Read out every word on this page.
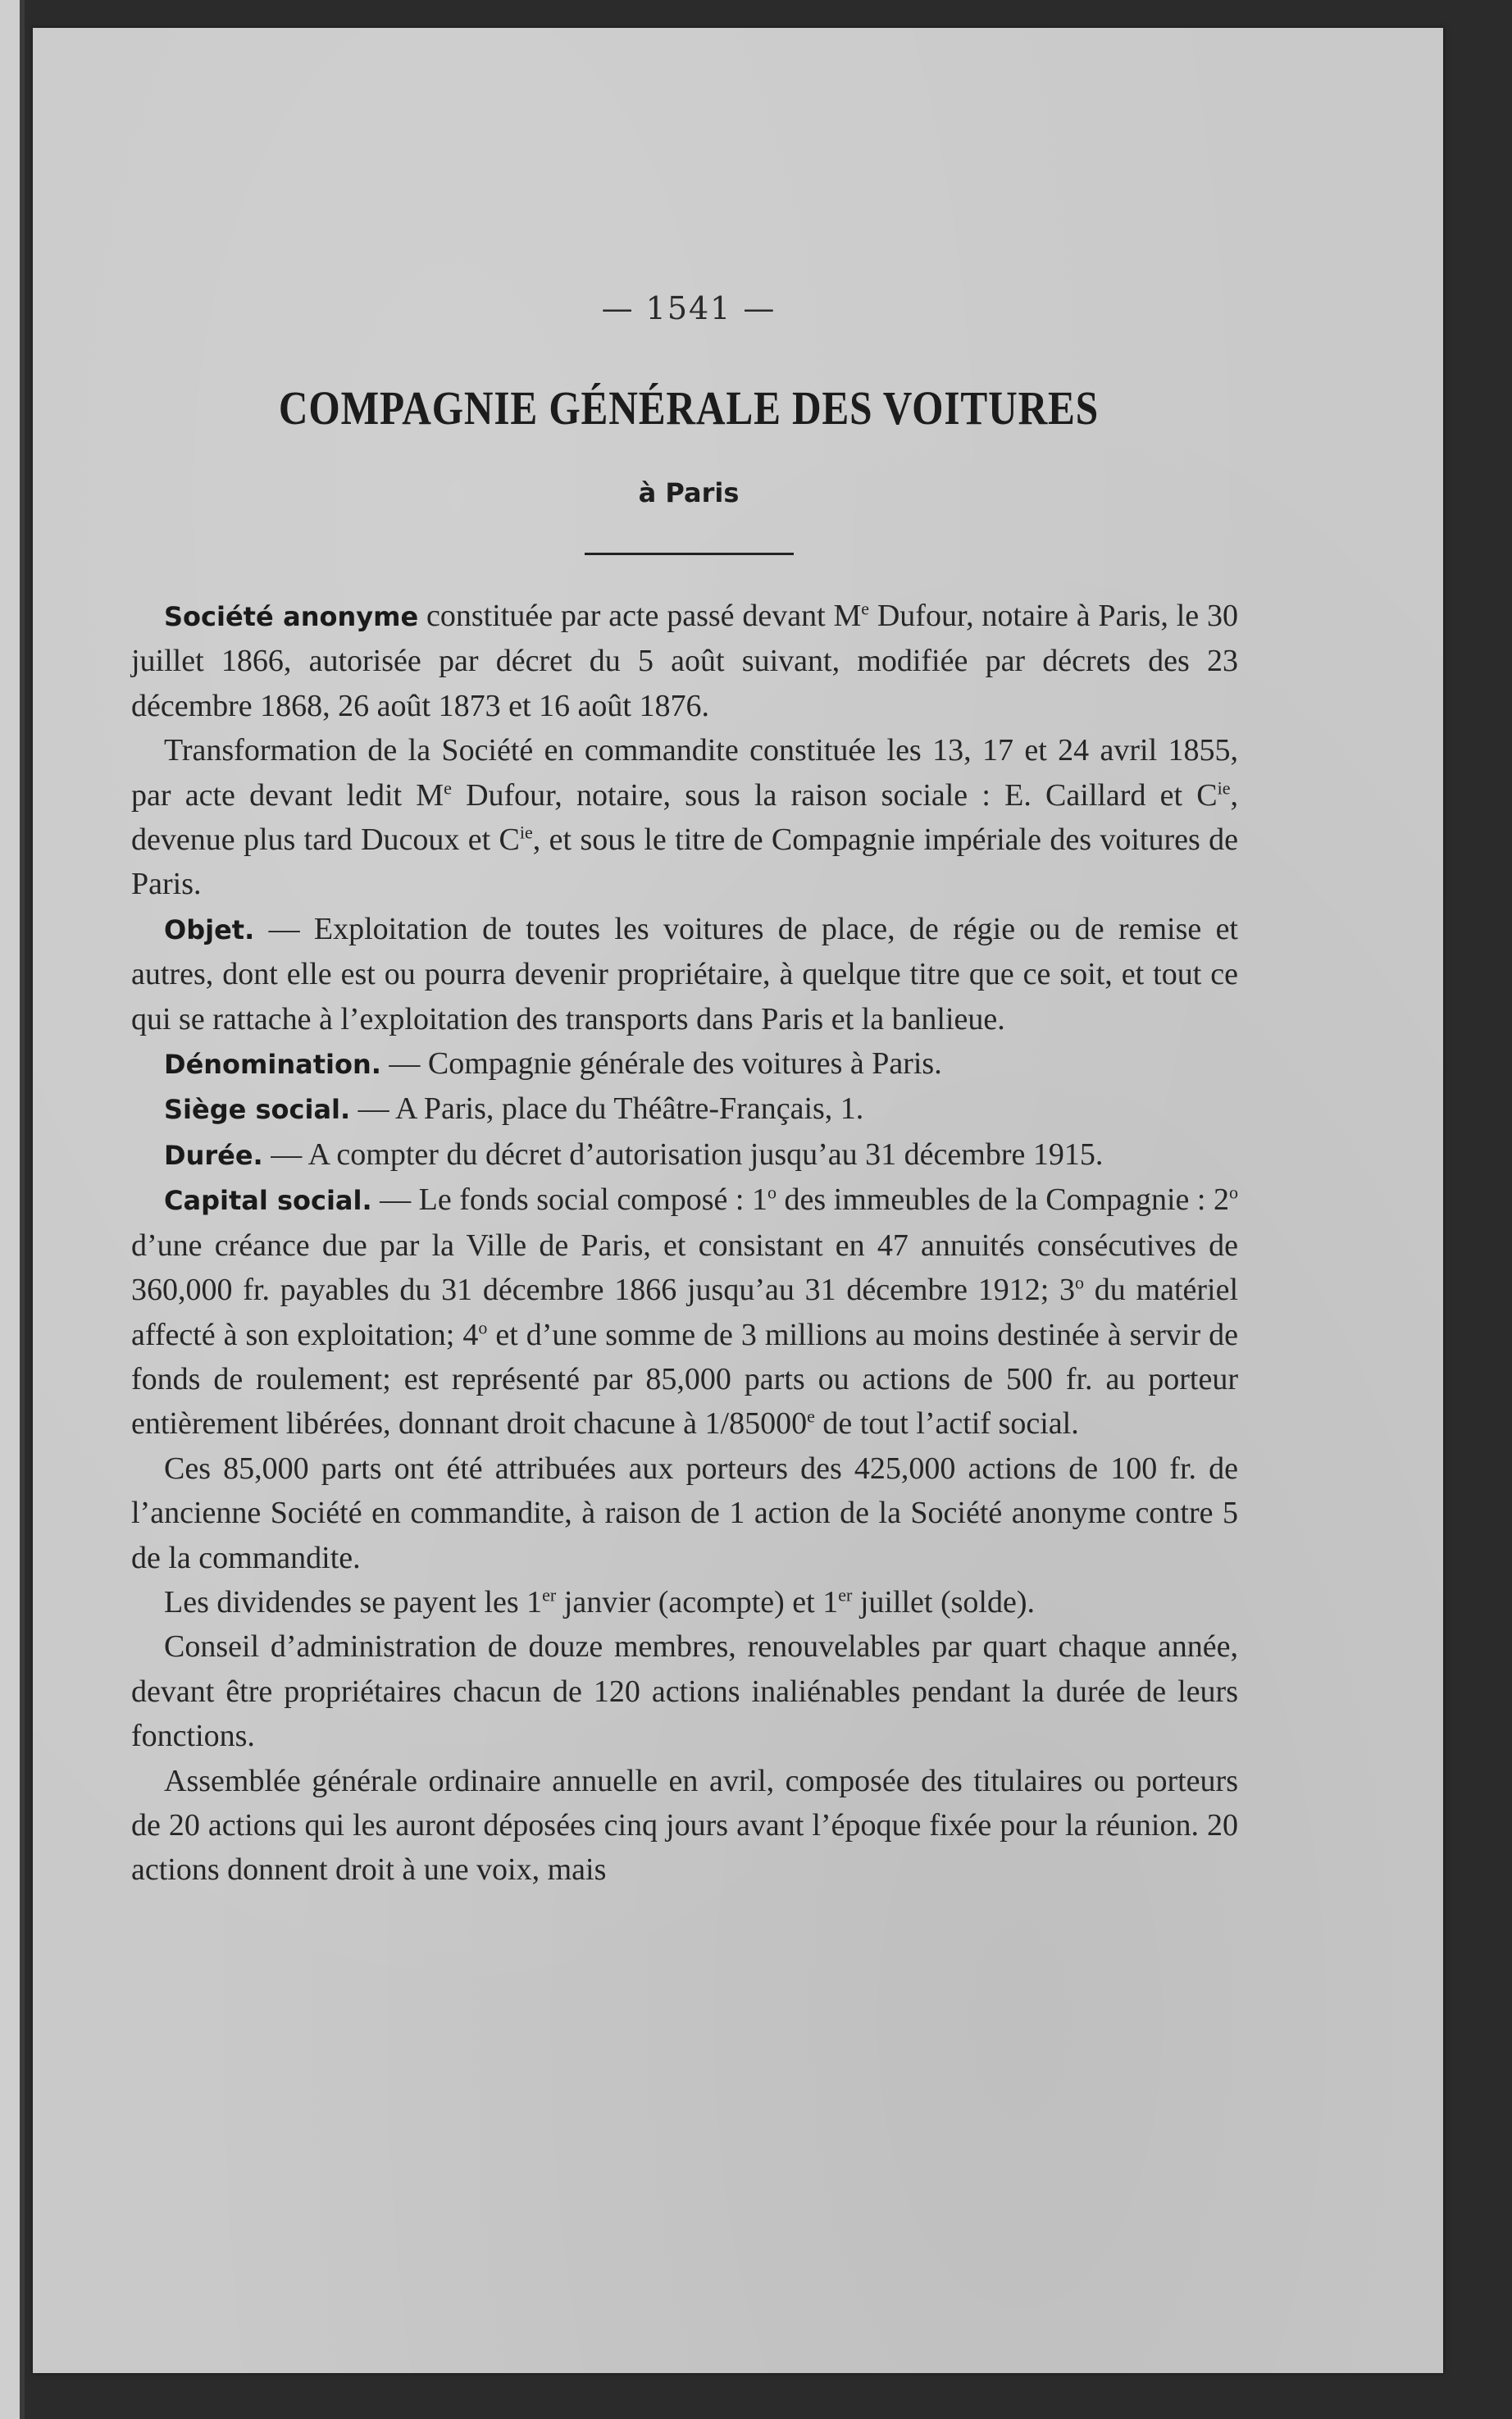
— 1541 —
COMPAGNIE GÉNÉRALE DES VOITURES
à Paris

Société anonyme constituée par acte passé devant Me Dufour, notaire à Paris, le 30 juillet 1866, autorisée par décret du 5 août suivant, modifiée par décrets des 23 décembre 1868, 26 août 1873 et 16 août 1876.

Transformation de la Société en commandite constituée les 13, 17 et 24 avril 1855, par acte devant ledit Me Dufour, notaire, sous la raison sociale : E. Caillard et $C^{ie}$, devenue plus tard Ducoux et $C^{ie}$, et sous le titre de Compagnie impériale des voitures de Paris.

Objet. — Exploitation de toutes les voitures de place, de régie ou de remise et autres, dont elle est ou pourra devenir propriétaire, à quelque titre que ce soit, et tout ce qui se rattache à l’exploitation des transports dans Paris et la banlieue.

Dénomination. — Compagnie générale des voitures à Paris.

Siège social. — A Paris, place du Théâtre-Français, 1.

Durée. — A compter du décret d’autorisation jusqu’au 31 décembre 1915.

Capital social. — Le fonds social composé : 1$^o$ des immeubles de la Compagnie : 2$^o$ d’une créance due par la Ville de Paris, et consistant en 47 annuités consécutives de 360,000 fr. payables du 31 décembre 1866 jusqu’au 31 décembre 1912; 3$^o$ du matériel affecté à son exploitation; 4$^o$ et d’une somme de 3 millions au moins destinée à servir de fonds de roulement; est représenté par 85,000 parts ou actions de 500 fr. au porteur entièrement libérées, donnant droit chacune à 1/85000e de tout l’actif social.

Ces 85,000 parts ont été attribuées aux porteurs des 425,000 actions de 100 fr. de l’ancienne Société en commandite, à raison de 1 action de la Société anonyme contre 5 de la commandite.

Les dividendes se payent les 1er janvier (acompte) et 1er juillet (solde).

Conseil d’administration de douze membres, renouvelables par quart chaque année, devant être propriétaires chacun de 120 actions inaliénables pendant la durée de leurs fonctions.

Assemblée générale ordinaire annuelle en avril, composée des titulaires ou porteurs de 20 actions qui les auront déposées cinq jours avant l’époque fixée pour la réunion. 20 actions donnent droit à une voix, mais
